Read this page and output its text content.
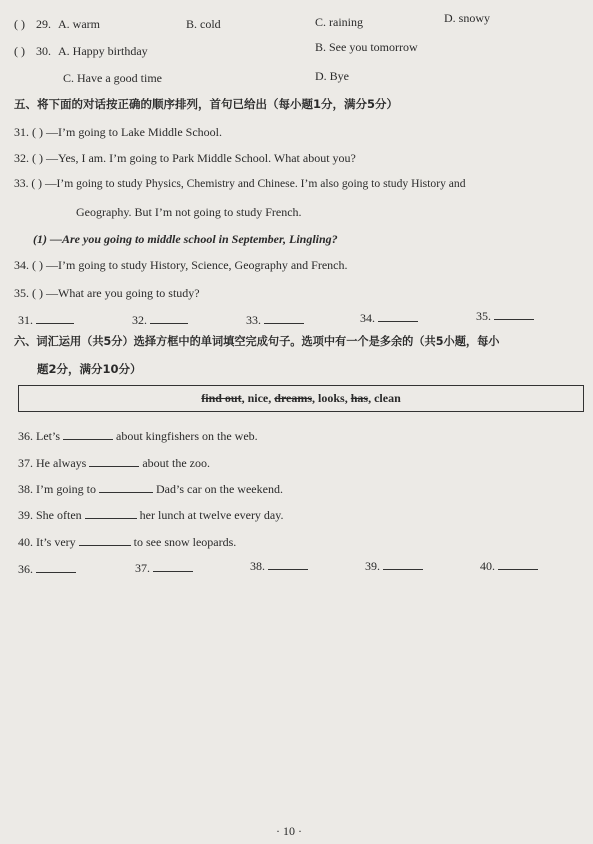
( ) 29. A. warm	B. cold	C. raining	D. snowy
( ) 30. A. Happy birthday	B. See you tomorrow
C. Have a good time	D. Bye
五、将下面的对话按正确的顺序排列，首句已给出（每小题1分，满分5分）
31. ( ) —I’m going to Lake Middle School.
32. ( ) —Yes, I am. I’m going to Park Middle School. What about you?
33. ( ) —I’m going to study Physics, Chemistry and Chinese. I’m also going to study History and
Geography. But I’m not going to study French.
(1) —Are you going to middle school in September, Lingling?
34. ( ) —I’m going to study History, Science, Geography and French.
35. ( ) —What are you going to study?
31.	32.	33.	34.	35.
六、词汇运用（共5分）选择方框中的单词填空完成句子。选项中有一个是多余的（共5小题，每小
题2分，满分10分）
find out, nice, dreams, looks, has, clean
36. Let’s	about kingfishers on the web.
37. He always	about the zoo.
38. I’m going to	Dad’s car on the weekend.
39. She often	her lunch at twelve every day.
40. It’s very	to see snow leopards.
36.	37.	38.	39.	40.
· 10 ·
